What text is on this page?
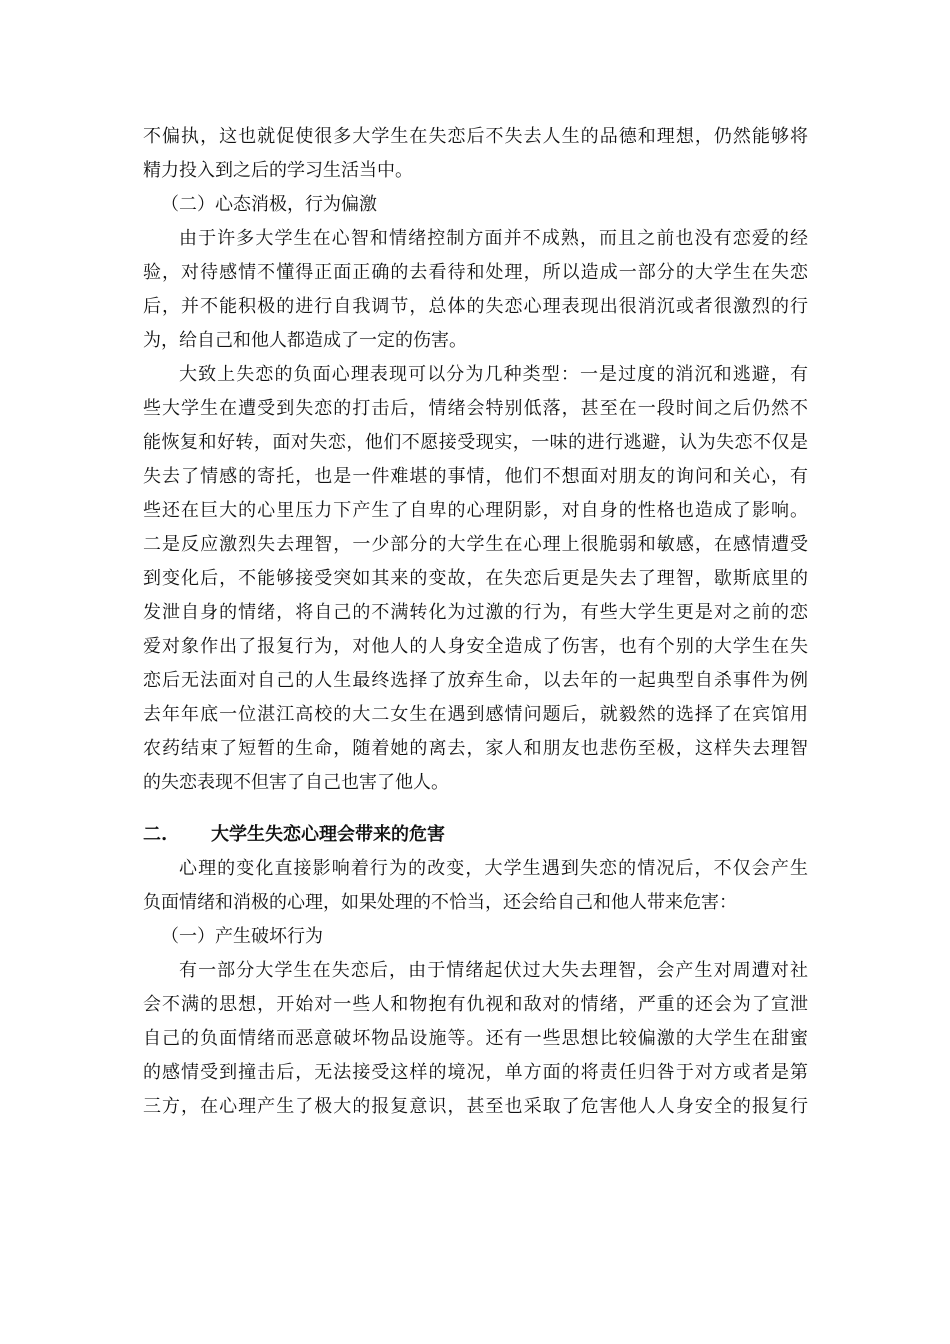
不偏执，这也就促使很多大学生在失恋后不失去人生的品德和理想，仍然能够将
精力投入到之后的学习生活当中。
（二）心态消极，行为偏激
由于许多大学生在心智和情绪控制方面并不成熟，而且之前也没有恋爱的经
验，对待感情不懂得正面正确的去看待和处理，所以造成一部分的大学生在失恋
后，并不能积极的进行自我调节，总体的失恋心理表现出很消沉或者很激烈的行
为，给自己和他人都造成了一定的伤害。
大致上失恋的负面心理表现可以分为几种类型：一是过度的消沉和逃避，有
些大学生在遭受到失恋的打击后，情绪会特别低落，甚至在一段时间之后仍然不
能恢复和好转，面对失恋，他们不愿接受现实，一味的进行逃避，认为失恋不仅是
失去了情感的寄托，也是一件难堪的事情，他们不想面对朋友的询问和关心，有
些还在巨大的心里压力下产生了自卑的心理阴影，对自身的性格也造成了影响。
二是反应激烈失去理智，一少部分的大学生在心理上很脆弱和敏感，在感情遭受
到变化后，不能够接受突如其来的变故，在失恋后更是失去了理智，歇斯底里的
发泄自身的情绪，将自己的不满转化为过激的行为，有些大学生更是对之前的恋
爱对象作出了报复行为，对他人的人身安全造成了伤害，也有个别的大学生在失
恋后无法面对自己的人生最终选择了放弃生命，以去年的一起典型自杀事件为例
去年年底一位湛江高校的大二女生在遇到感情问题后，就毅然的选择了在宾馆用
农药结束了短暂的生命，随着她的离去，家人和朋友也悲伤至极，这样失去理智
的失恋表现不但害了自己也害了他人。
二.	大学生失恋心理会带来的危害
心理的变化直接影响着行为的改变，大学生遇到失恋的情况后，不仅会产生
负面情绪和消极的心理，如果处理的不恰当，还会给自己和他人带来危害：
（一）产生破坏行为
有一部分大学生在失恋后，由于情绪起伏过大失去理智，会产生对周遭对社
会不满的思想，开始对一些人和物抱有仇视和敌对的情绪，严重的还会为了宣泄
自己的负面情绪而恶意破坏物品设施等。还有一些思想比较偏激的大学生在甜蜜
的感情受到撞击后，无法接受这样的境况，单方面的将责任归咎于对方或者是第
三方，在心理产生了极大的报复意识，甚至也采取了危害他人人身安全的报复行
